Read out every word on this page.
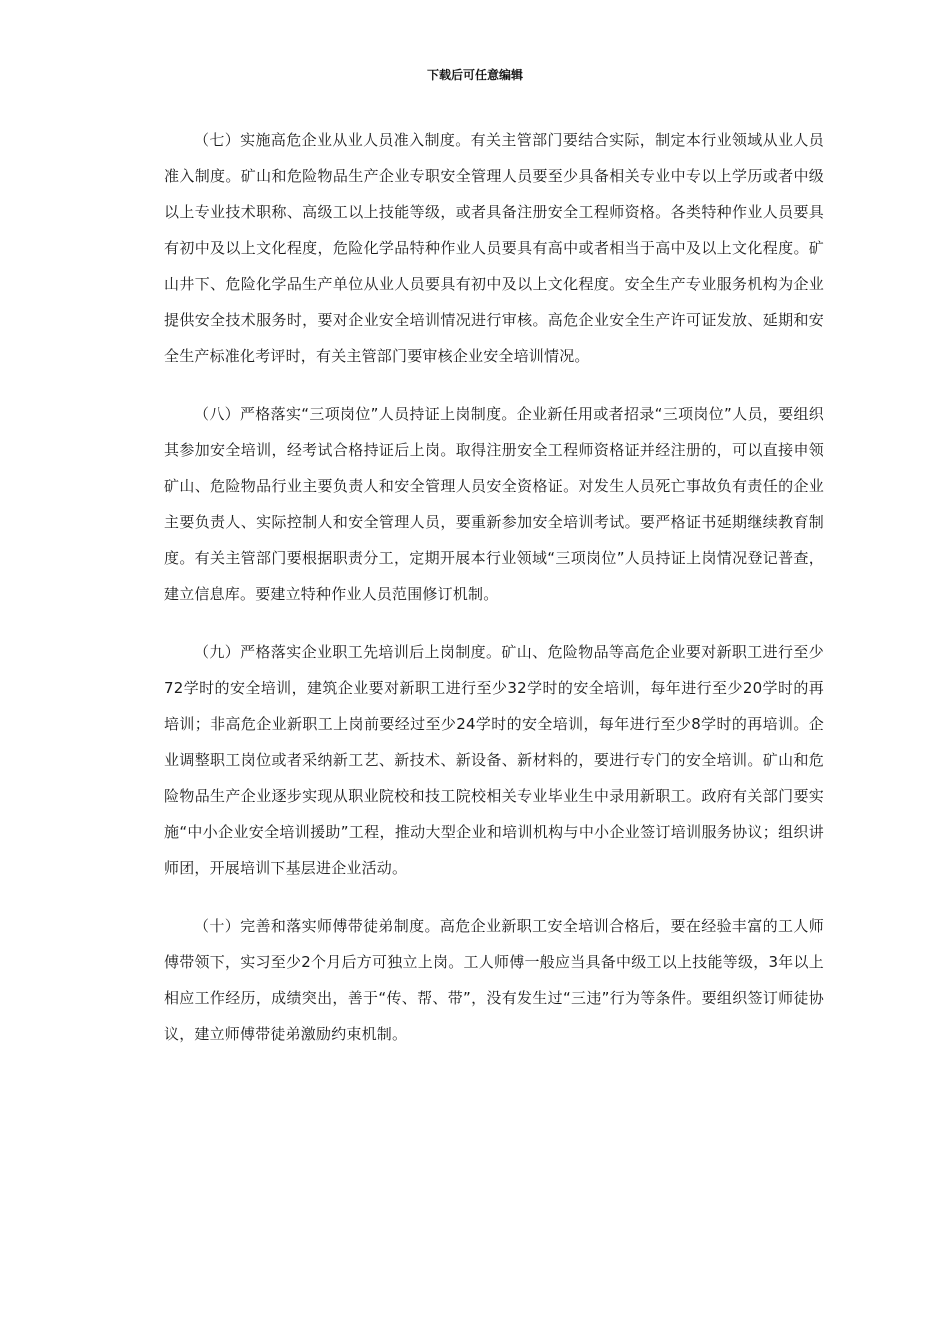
下载后可任意编辑

（七）实施高危企业从业人员准入制度。有关主管部门要结合实际，制定本行业领域从业人员准入制度。矿山和危险物品生产企业专职安全管理人员要至少具备相关专业中专以上学历或者中级以上专业技术职称、高级工以上技能等级，或者具备注册安全工程师资格。各类特种作业人员要具有初中及以上文化程度，危险化学品特种作业人员要具有高中或者相当于高中及以上文化程度。矿山井下、危险化学品生产单位从业人员要具有初中及以上文化程度。安全生产专业服务机构为企业提供安全技术服务时，要对企业安全培训情况进行审核。高危企业安全生产许可证发放、延期和安全生产标准化考评时，有关主管部门要审核企业安全培训情况。

（八）严格落实“三项岗位”人员持证上岗制度。企业新任用或者招录“三项岗位”人员，要组织其参加安全培训，经考试合格持证后上岗。取得注册安全工程师资格证并经注册的，可以直接申领矿山、危险物品行业主要负责人和安全管理人员安全资格证。对发生人员死亡事故负有责任的企业主要负责人、实际控制人和安全管理人员，要重新参加安全培训考试。要严格证书延期继续教育制度。有关主管部门要根据职责分工，定期开展本行业领域“三项岗位”人员持证上岗情况登记普查，建立信息库。要建立特种作业人员范围修订机制。

（九）严格落实企业职工先培训后上岗制度。矿山、危险物品等高危企业要对新职工进行至少72学时的安全培训，建筑企业要对新职工进行至少32学时的安全培训，每年进行至少20学时的再培训；非高危企业新职工上岗前要经过至少24学时的安全培训，每年进行至少8学时的再培训。企业调整职工岗位或者采纳新工艺、新技术、新设备、新材料的，要进行专门的安全培训。矿山和危险物品生产企业逐步实现从职业院校和技工院校相关专业毕业生中录用新职工。政府有关部门要实施“中小企业安全培训援助”工程，推动大型企业和培训机构与中小企业签订培训服务协议；组织讲师团，开展培训下基层进企业活动。

（十）完善和落实师傅带徒弟制度。高危企业新职工安全培训合格后，要在经验丰富的工人师傅带领下，实习至少2个月后方可独立上岗。工人师傅一般应当具备中级工以上技能等级，3年以上相应工作经历，成绩突出，善于“传、帮、带”，没有发生过“三违”行为等条件。要组织签订师徒协议，建立师傅带徒弟激励约束机制。
